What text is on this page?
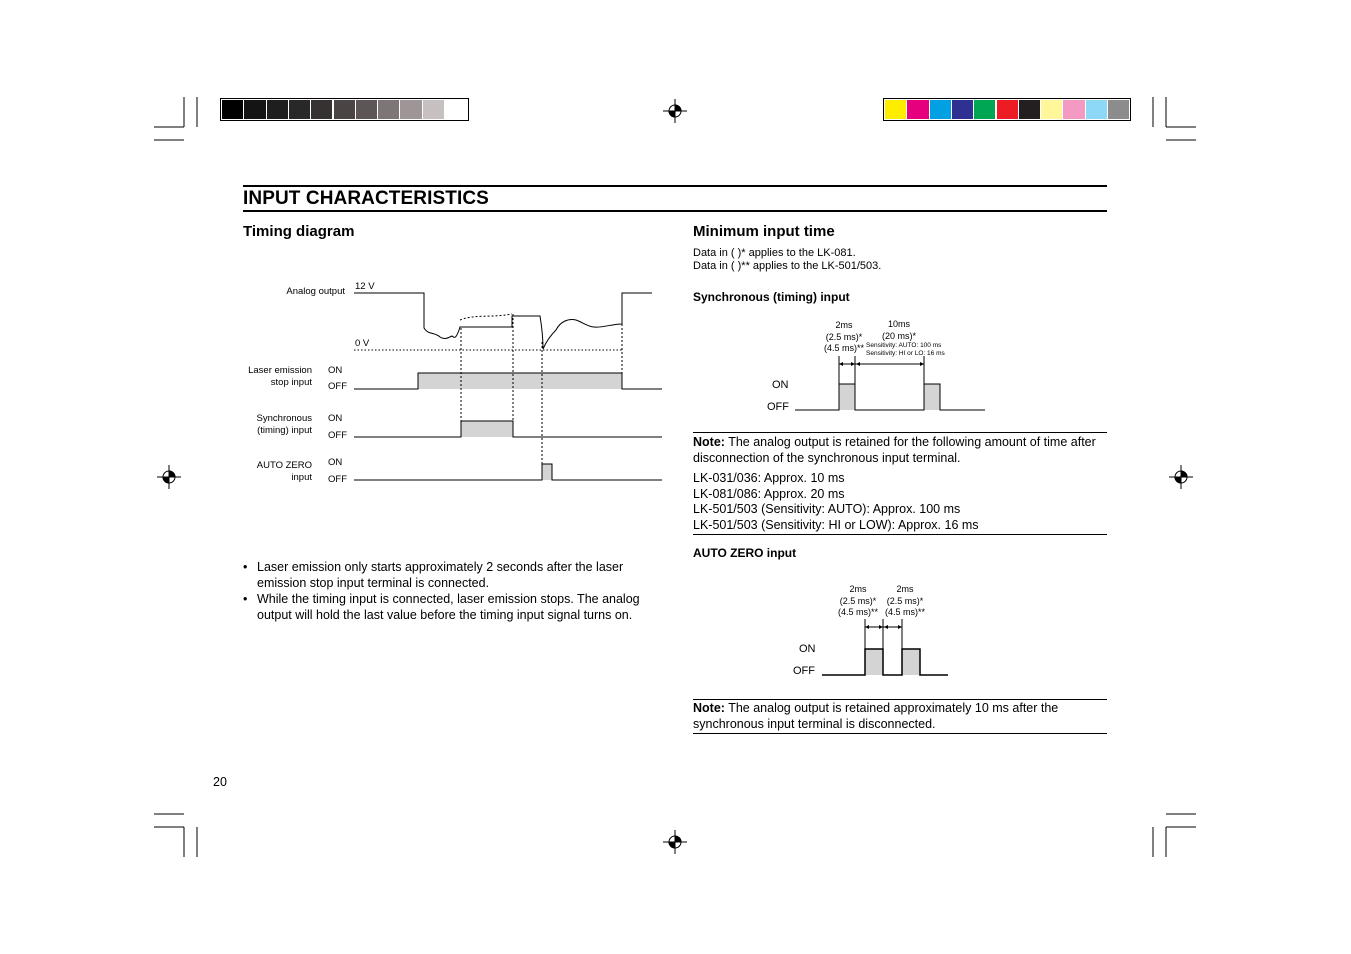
INPUT CHARACTERISTICS
Timing diagram
Analog output 12 V
0 V
Laser emission
stop input
ON
OFF
Synchronous
(timing) input
ON
OFF
AUTO ZERO
input
ON
OFF
• Laser emission only starts approximately 2 seconds after the laser emission stop input terminal is connected.
• While the timing input is connected, laser emission stops. The analog output will hold the last value before the timing input signal turns on.
20
Minimum input time
Data in ( )* applies to the LK-081.
Data in ( )** applies to the LK-501/503.
Synchronous (timing) input
2ms
(2.5 ms)*
(4.5 ms)**
10ms
(20 ms)*
Sensitivity: AUTO: 100 ms
Sensitivity: HI or LO: 16 ms
ON
OFF
Note: The analog output is retained for the following amount of time after disconnection of the synchronous input terminal.
LK-031/036: Approx. 10 ms
LK-081/086: Approx. 20 ms
LK-501/503 (Sensitivity: AUTO): Approx. 100 ms
LK-501/503 (Sensitivity: HI or LOW): Approx. 16 ms
AUTO ZERO input
2ms
(2.5 ms)*
(4.5 ms)**
2ms
(2.5 ms)*
(4.5 ms)**
ON
OFF
Note: The analog output is retained approximately 10 ms after the synchronous input terminal is disconnected.
